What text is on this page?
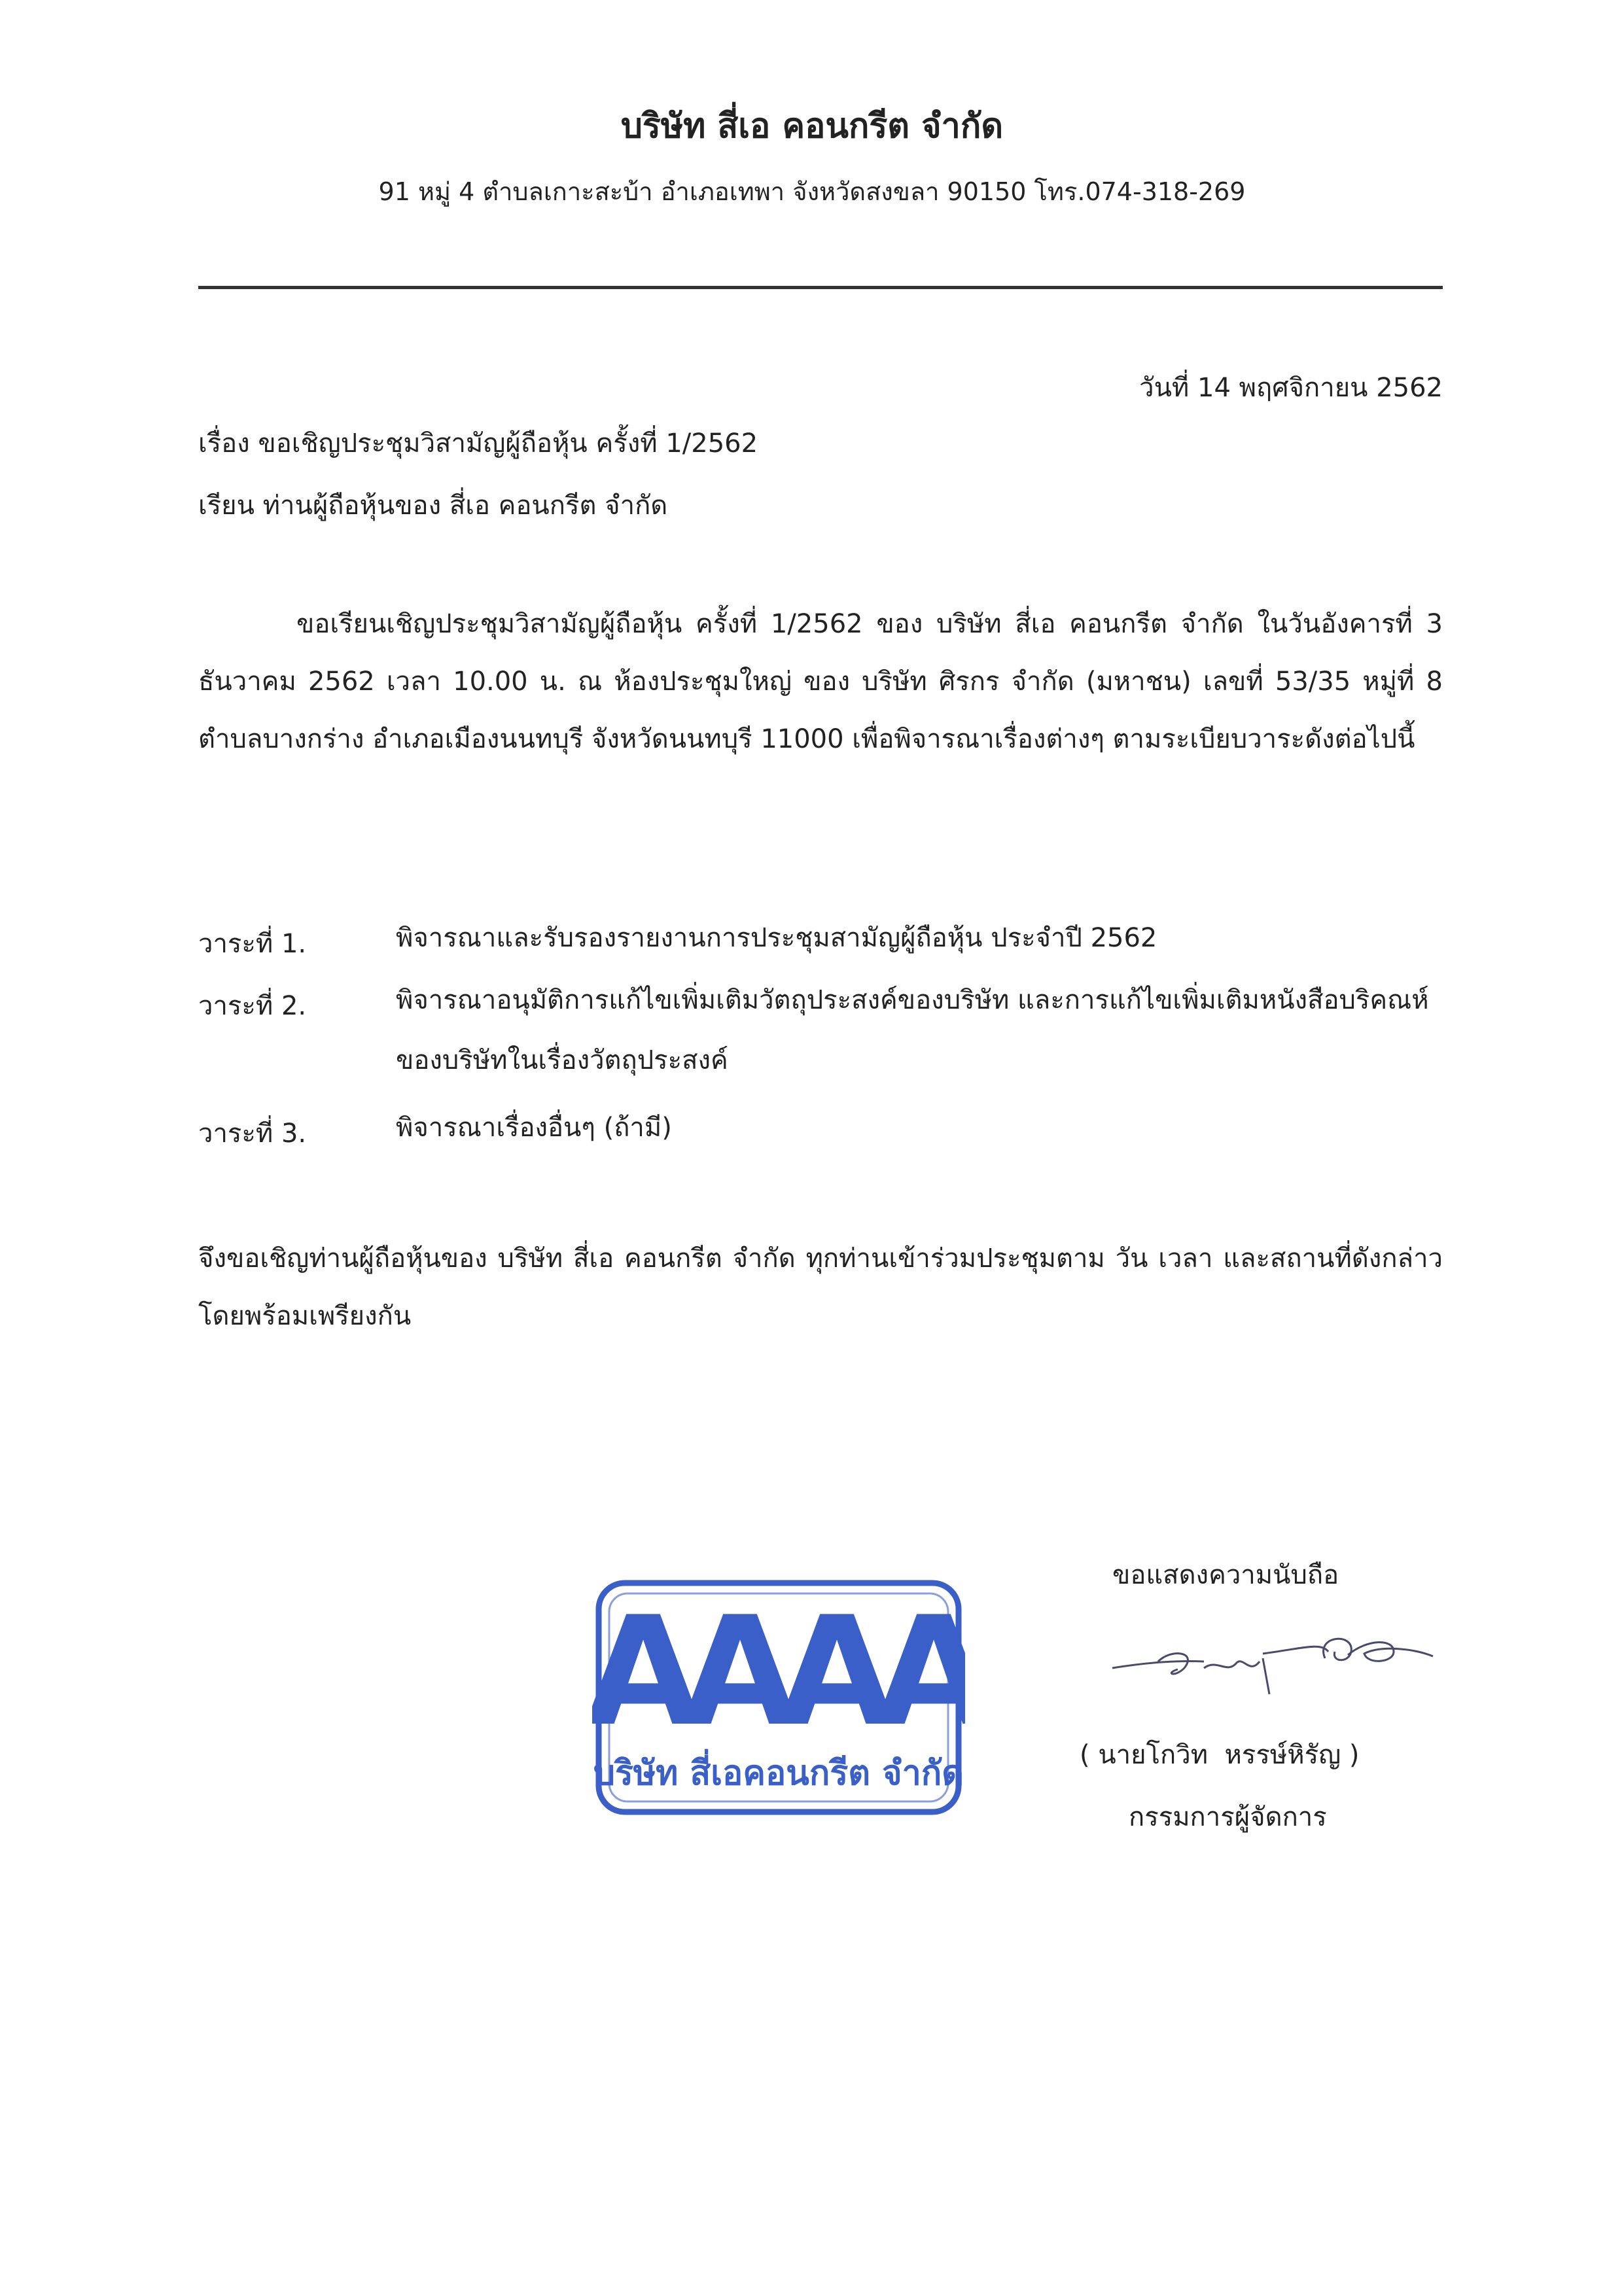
บริษัท สี่เอ คอนกรีต จำกัด
91 หมู่ 4 ตำบลเกาะสะบ้า อำเภอเทพา จังหวัดสงขลา 90150 โทร.074-318-269
วันที่ 14 พฤศจิกายน 2562
เรื่อง ขอเชิญประชุมวิสามัญผู้ถือหุ้น ครั้งที่ 1/2562
เรียน ท่านผู้ถือหุ้นของ สี่เอ คอนกรีต จำกัด
ขอเรียนเชิญประชุมวิสามัญผู้ถือหุ้น ครั้งที่ 1/2562 ของ บริษัท สี่เอ คอนกรีต จำกัด ในวันอังคารที่ 3 ธันวาคม 2562 เวลา 10.00 น. ณ ห้องประชุมใหญ่ ของ บริษัท ศิรกร จำกัด (มหาชน) เลขที่ 53/35 หมู่ที่ 8 ตำบลบางกร่าง อำเภอเมืองนนทบุรี จังหวัดนนทบุรี 11000 เพื่อพิจารณาเรื่องต่างๆ ตามระเบียบวาระดังต่อไปนี้
วาระที่ 1.	พิจารณาและรับรองรายงานการประชุมสามัญผู้ถือหุ้น ประจำปี 2562
วาระที่ 2.	พิจารณาอนุมัติการแก้ไขเพิ่มเติมวัตถุประสงค์ของบริษัท และการแก้ไขเพิ่มเติมหนังสือบริคณห์ของบริษัทในเรื่องวัตถุประสงค์
วาระที่ 3.	พิจารณาเรื่องอื่นๆ (ถ้ามี)
จึงขอเชิญท่านผู้ถือหุ้นของ บริษัท สี่เอ คอนกรีต จำกัด ทุกท่านเข้าร่วมประชุมตาม วัน เวลา และสถานที่ดังกล่าว โดยพร้อมเพรียงกัน
ขอแสดงความนับถือ
AAAA
บริษัท สี่เอคอนกรีต จำกัด	( นายโกวิท  หรรษ์หิรัญ )
กรรมการผู้จัดการ
